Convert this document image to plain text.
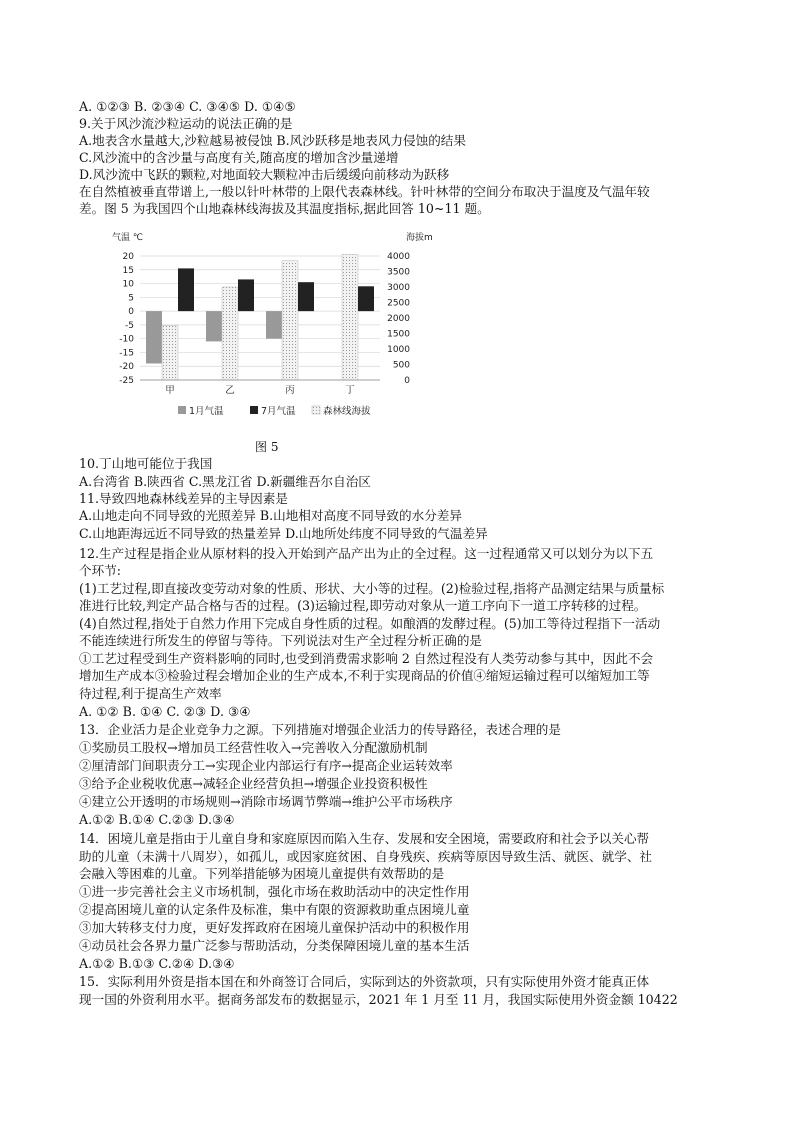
A. ①②③ B. ②③④ C. ③④⑤ D. ①④⑤
9.关于风沙流沙粒运动的说法正确的是
A.地表含水量越大,沙粒越易被侵蚀 B.风沙跃移是地表风力侵蚀的结果
C.风沙流中的含沙量与高度有关,随高度的增加含沙量递增
D.风沙流中飞跃的颗粒,对地面较大颗粒冲击后缓缓向前移动为跃移
在自然植被垂直带谱上,一般以针叶林带的上限代表森林线。针叶林带的空间分布取决于温度及气温年较
差。图 5 为我国四个山地森林线海拔及其温度指标,据此回答 10~11 题。
10.丁山地可能位于我国
A.台湾省 B.陕西省 C.黑龙江省 D.新疆维吾尔自治区
11.导致四地森林线差异的主导因素是
A.山地走向不同导致的光照差异 B.山地相对高度不同导致的水分差异
C.山地距海远近不同导致的热量差异 D.山地所处纬度不同导致的气温差异
12.生产过程是指企业从原材料的投入开始到产品产出为止的全过程。这一过程通常又可以划分为以下五
个环节:
(1)工艺过程,即直接改变劳动对象的性质、形状、大小等的过程。(2)检验过程,指将产品测定结果与质量标
准进行比较,判定产品合格与否的过程。(3)运输过程,即劳动对象从一道工序向下一道工序转移的过程。
(4)自然过程,指处于自然力作用下完成自身性质的过程。如酿酒的发酵过程。(5)加工等待过程指下一活动
不能连续进行所发生的停留与等待。下列说法对生产全过程分析正确的是
①工艺过程受到生产资料影响的同时,也受到消费需求影响 2 自然过程没有人类劳动参与其中，因此不会
增加生产成本③检验过程会增加企业的生产成本,不利于实现商品的价值④缩短运输过程可以缩短加工等
待过程,利于提高生产效率
A. ①② B. ①④ C. ②③ D. ③④
13．企业活力是企业竞争力之源。下列措施对增强企业活力的传导路径，表述合理的是
①奖励员工股权→增加员工经营性收入→完善收入分配激励机制
②厘清部门间职责分工→实现企业内部运行有序→提高企业运转效率
③给予企业税收优惠→减轻企业经营负担→增强企业投资积极性
④建立公开透明的市场规则→消除市场调节弊端→维护公平市场秩序
A.①② B.①④ C.②③ D.③④
14．困境儿童是指由于儿童自身和家庭原因而陷入生存、发展和安全困境，需要政府和社会予以关心帮
助的儿童（未满十八周岁），如孤儿，或因家庭贫困、自身残疾、疾病等原因导致生活、就医、就学、社
会融入等困难的儿童。下列举措能够为困境儿童提供有效帮助的是
①进一步完善社会主义市场机制，强化市场在救助活动中的决定性作用
②提高困境儿童的认定条件及标准，集中有限的资源救助重点困境儿童
③加大转移支付力度，更好发挥政府在困境儿童保护活动中的积极作用
④动员社会各界力量广泛参与帮助活动，分类保障困境儿童的基本生活
A.①② B.①③ C.②④ D.③④
15．实际利用外资是指本国在和外商签订合同后，实际到达的外资款项，只有实际使用外资才能真正体
现一国的外资利用水平。据商务部发布的数据显示，2021 年 1 月至 11 月，我国实际使用外资金额 10422
气温 ℃	海拔m
-25
-20
-15
-10
-5
0
5
10
15
20
0
500
1000
1500
2000
2500
3000
3500
4000
甲	乙	丙	丁
1月气温	7月气温	森林线海拔
图 5
